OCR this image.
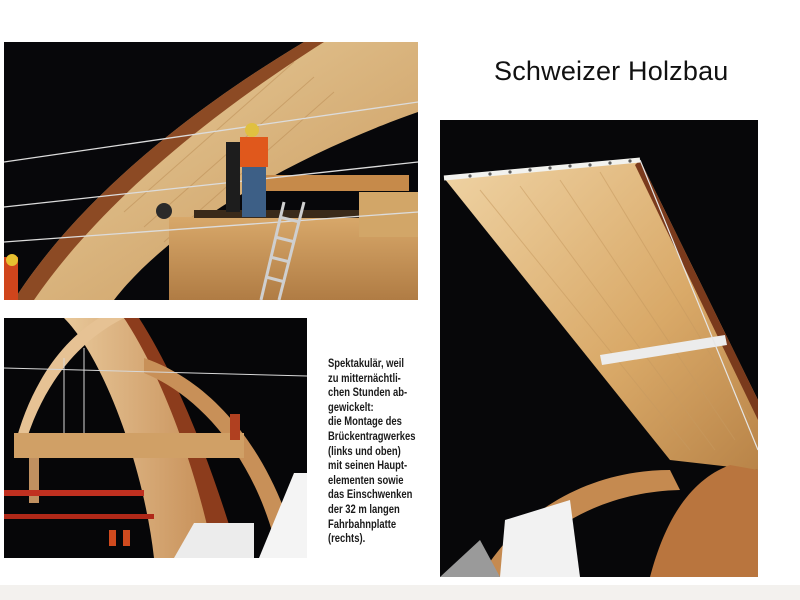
Schweizer Holzbau
Spektakulär, weil
zu mitternächtli-
chen Stunden ab-
gewickelt:
die Montage des
Brückentragwerkes
(links und oben)
mit seinen Haupt-
elementen sowie
das Einschwenken
der 32 m langen
Fahrbahnplatte
(rechts).
